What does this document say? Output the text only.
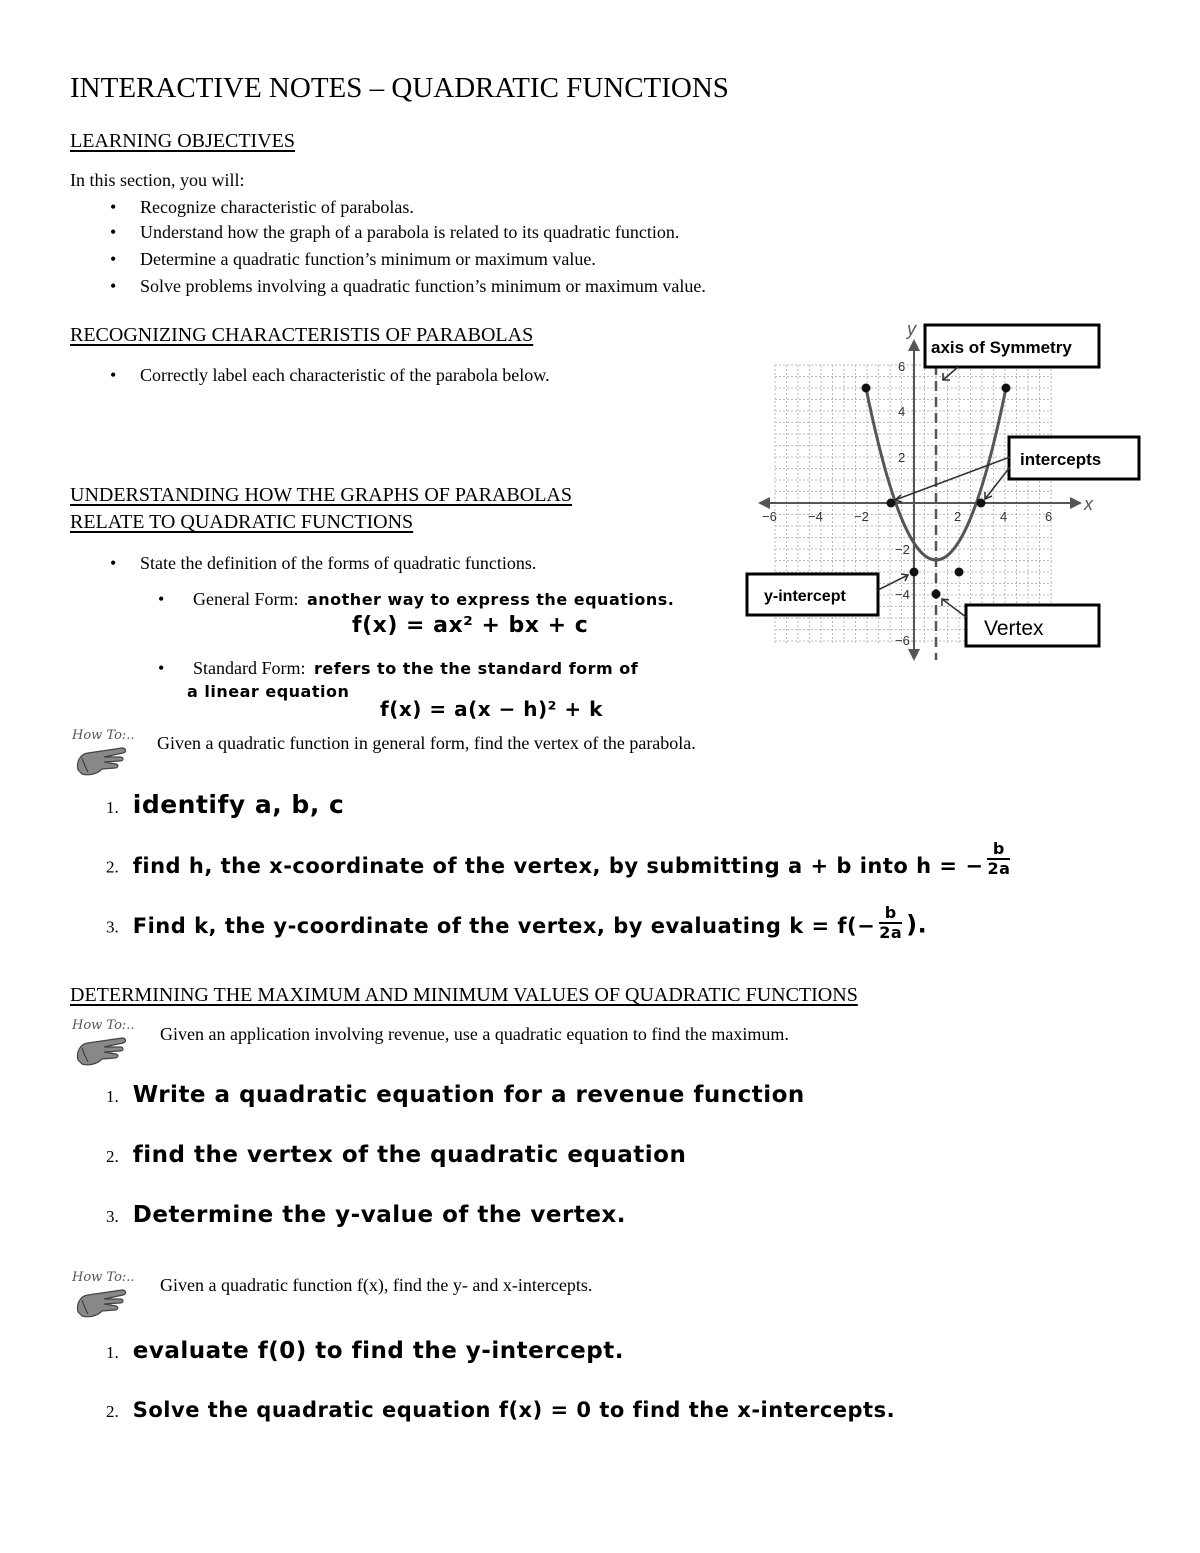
INTERACTIVE NOTES – QUADRATIC FUNCTIONS
LEARNING OBJECTIVES
In this section, you will:
• Recognize characteristic of parabolas.
• Understand how the graph of a parabola is related to its quadratic function.
• Determine a quadratic function’s minimum or maximum value.
• Solve problems involving a quadratic function’s minimum or maximum value.
RECOGNIZING CHARACTERISTIS OF PARABOLAS
• Correctly label each characteristic of the parabola below.
UNDERSTANDING HOW THE GRAPHS OF PARABOLAS
RELATE TO QUADRATIC FUNCTIONS
• State the definition of the forms of quadratic functions.
• General Form: another way to express the equations.
f(x) = ax² + bx + c
• Standard Form: refers to the the standard form of
a linear equation
f(x) = a(x − h)² + k
How To:.. Given a quadratic function in general form, find the vertex of the parabola.
1. identify a, b, c
2. find h, the x-coordinate of the vertex, by submitting a + b into h = − $\frac{b}{2a}$
3. Find k, the y-coordinate of the vertex, by evaluating $k = f(- \frac{b}{2a}$ ).
DETERMINING THE MAXIMUM AND MINIMUM VALUES OF QUADRATIC FUNCTIONS
How To:.. Given an application involving revenue, use a quadratic equation to find the maximum.
1. Write a quadratic equation for a revenue function
2. find the vertex of the quadratic equation
3. Determine the y-value of the vertex.
How To:.. Given a quadratic function f(x), find the y- and x-intercepts.
1. evaluate f(0) to find the y-intercept.
2. Solve the quadratic equation f(x) = 0 to find the x-intercepts.
x
y
−6 −4 −2	2	4	6
6
4
2
−2
−4
−6
axis of Symmetry
intercepts
y-intercept
Vertex
